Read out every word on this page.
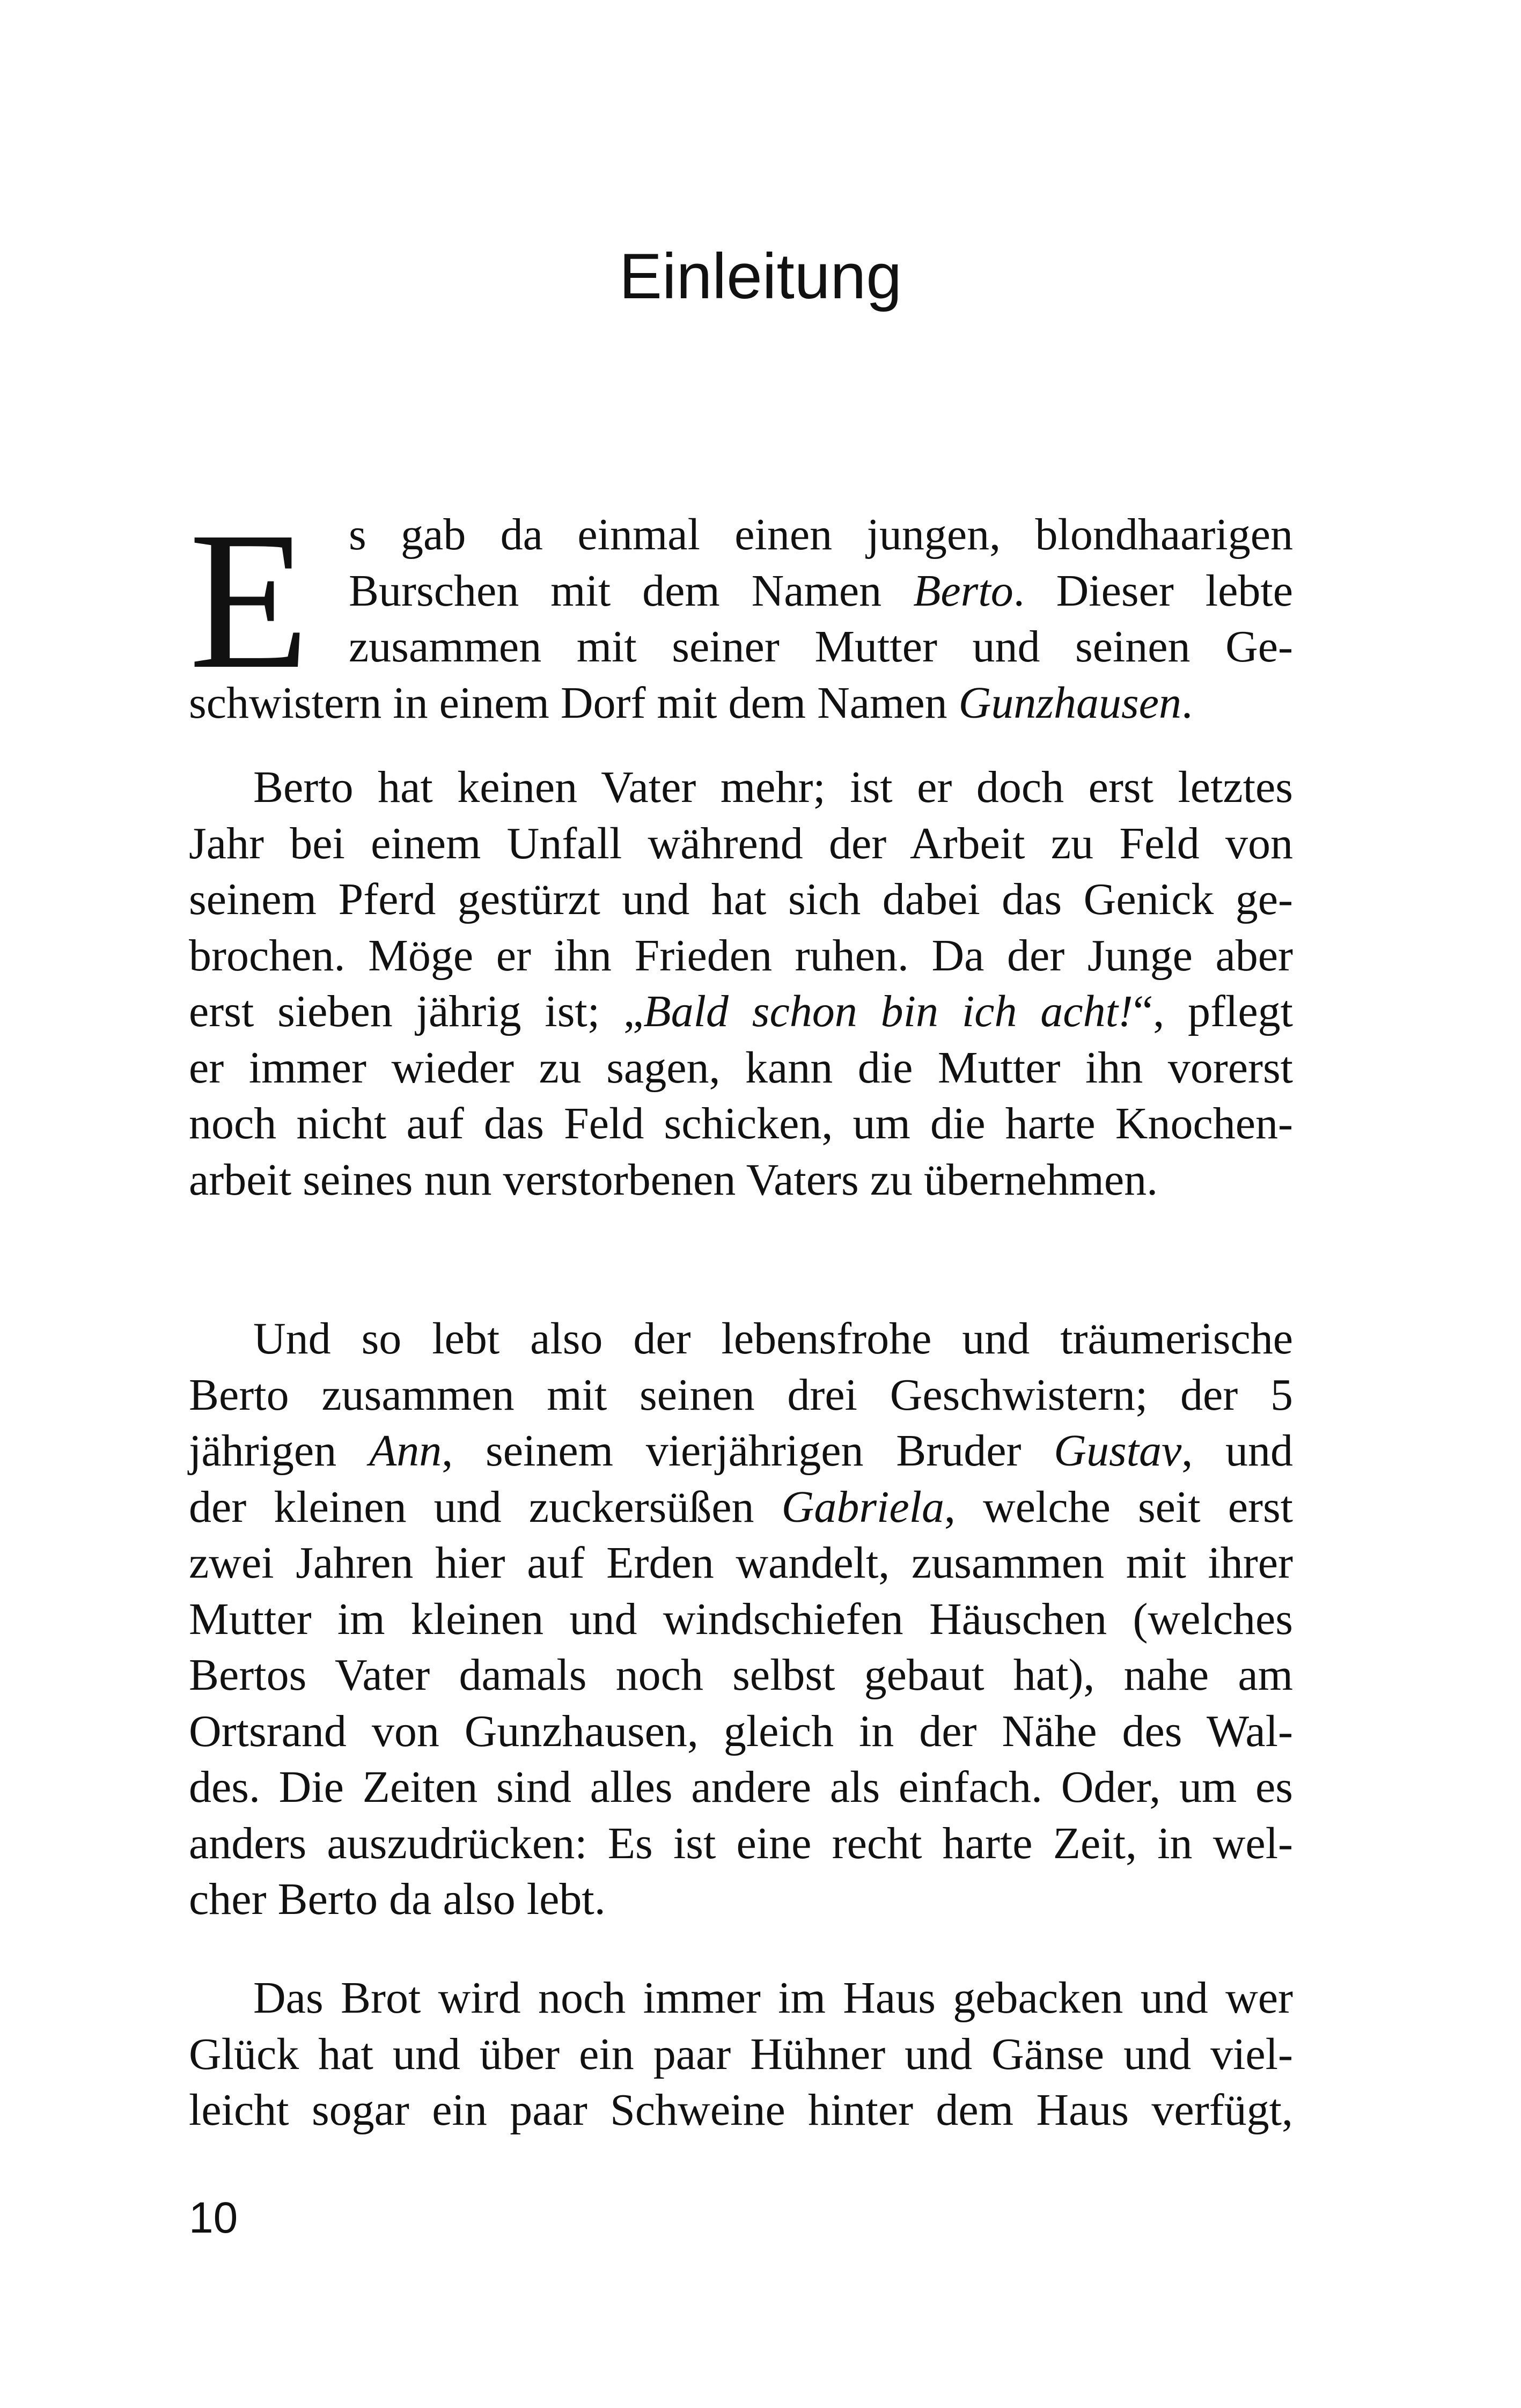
Einleitung
E s gab da einmal einen jungen, blondhaarigen
Burschen mit dem Namen Berto. Dieser lebte
zusammen mit seiner Mutter und seinen Ge-
schwistern in einem Dorf mit dem Namen Gunzhausen.
Berto hat keinen Vater mehr; ist er doch erst letztes
Jahr bei einem Unfall während der Arbeit zu Feld von
seinem Pferd gestürzt und hat sich dabei das Genick ge-
brochen. Möge er ihn Frieden ruhen. Da der Junge aber
erst sieben jährig ist; „Bald schon bin ich acht!“, pflegt
er immer wieder zu sagen, kann die Mutter ihn vorerst
noch nicht auf das Feld schicken, um die harte Knochen-
arbeit seines nun verstorbenen Vaters zu übernehmen.
Und so lebt also der lebensfrohe und träumerische
Berto zusammen mit seinen drei Geschwistern; der 5
jährigen Ann, seinem vierjährigen Bruder Gustav, und
der kleinen und zuckersüßen Gabriela, welche seit erst
zwei Jahren hier auf Erden wandelt, zusammen mit ihrer
Mutter im kleinen und windschiefen Häuschen (welches
Bertos Vater damals noch selbst gebaut hat), nahe am
Ortsrand von Gunzhausen, gleich in der Nähe des Wal-
des. Die Zeiten sind alles andere als einfach. Oder, um es
anders auszudrücken: Es ist eine recht harte Zeit, in wel-
cher Berto da also lebt.
Das Brot wird noch immer im Haus gebacken und wer
Glück hat und über ein paar Hühner und Gänse und viel-
leicht sogar ein paar Schweine hinter dem Haus verfügt,
10
